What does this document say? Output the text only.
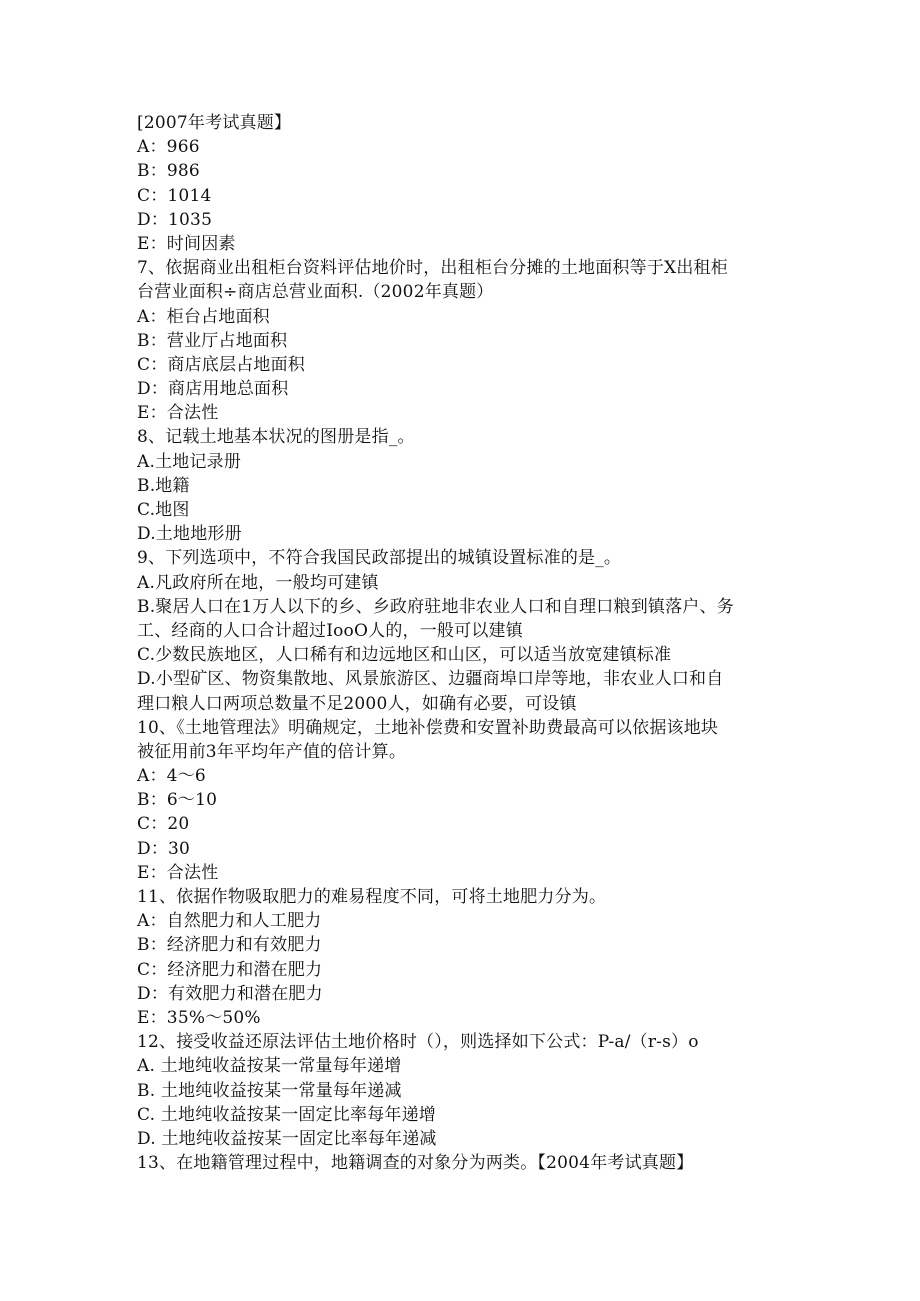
[2007年考试真题】
A：966
B：986
C：1014
D：1035
E：时间因素
7、依据商业出租柜台资料评估地价时，出租柜台分摊的土地面积等于X出租柜
台营业面积÷商店总营业面积.（2002年真题）
A：柜台占地面积
B：营业厅占地面积
C：商店底层占地面积
D：商店用地总面积
E：合法性
8、记载土地基本状况的图册是指_。
A.土地记录册
B.地籍
C.地图
D.土地地形册
9、下列选项中，不符合我国民政部提出的城镇设置标准的是_。
A.凡政府所在地，一般均可建镇
B.聚居人口在1万人以下的乡、乡政府驻地非农业人口和自理口粮到镇落户、务
工、经商的人口合计超过IooO人的，一般可以建镇
C.少数民族地区，人口稀有和边远地区和山区，可以适当放宽建镇标准
D.小型矿区、物资集散地、风景旅游区、边疆商埠口岸等地，非农业人口和自
理口粮人口两项总数量不足2000人，如确有必要，可设镇
10、《土地管理法》明确规定，土地补偿费和安置补助费最高可以依据该地块
被征用前3年平均年产值的倍计算。
A：4～6
B：6～10
C：20
D：30
E：合法性
11、依据作物吸取肥力的难易程度不同，可将土地肥力分为。
A：自然肥力和人工肥力
B：经济肥力和有效肥力
C：经济肥力和潜在肥力
D：有效肥力和潜在肥力
E：35%～50%
12、接受收益还原法评估土地价格时（），则选择如下公式：P-a/（r-s）o
A. 土地纯收益按某一常量每年递增
B. 土地纯收益按某一常量每年递减
C. 土地纯收益按某一固定比率每年递增
D. 土地纯收益按某一固定比率每年递减
13、在地籍管理过程中，地籍调查的对象分为两类。【2004年考试真题】
